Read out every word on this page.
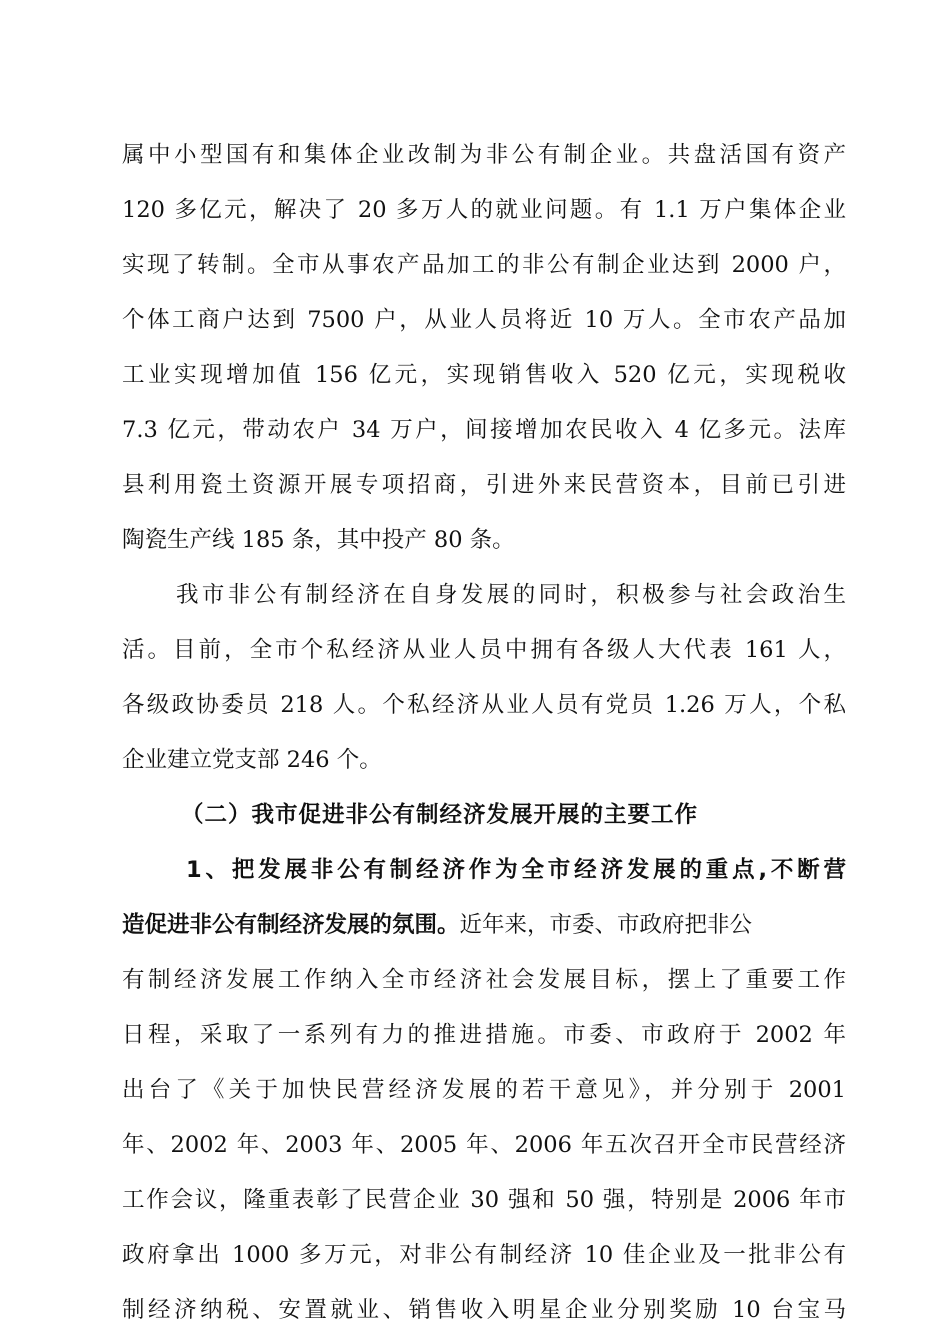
属中小型国有和集体企业改制为非公有制企业。共盘活国有资产
120 多亿元，解决了 20 多万人的就业问题。有 1.1 万户集体企业
实现了转制。全市从事农产品加工的非公有制企业达到 2000 户，
个体工商户达到 7500 户，从业人员将近 10 万人。全市农产品加
工业实现增加值 156 亿元，实现销售收入 520 亿元，实现税收
7.3 亿元，带动农户 34 万户，间接增加农民收入 4 亿多元。法库
县利用瓷土资源开展专项招商，引进外来民营资本，目前已引进
陶瓷生产线 185 条，其中投产 80 条。
我市非公有制经济在自身发展的同时，积极参与社会政治生
活。目前，全市个私经济从业人员中拥有各级人大代表 161 人，
各级政协委员 218 人。个私经济从业人员有党员 1.26 万人，个私
企业建立党支部 246 个。
（二）我市促进非公有制经济发展开展的主要工作
1、把发展非公有制经济作为全市经济发展的重点,不断营
造促进非公有制经济发展的氛围。近年来，市委、市政府把非公
有制经济发展工作纳入全市经济社会发展目标，摆上了重要工作
日程，采取了一系列有力的推进措施。市委、市政府于 2002 年
出台了《关于加快民营经济发展的若干意见》，并分别于 2001
年、2002 年、2003 年、2005 年、2006 年五次召开全市民营经济
工作会议，隆重表彰了民营企业 30 强和 50 强，特别是 2006 年市
政府拿出 1000 多万元，对非公有制经济 10 佳企业及一批非公有
制经济纳税、安置就业、销售收入明星企业分别奖励 10 台宝马
